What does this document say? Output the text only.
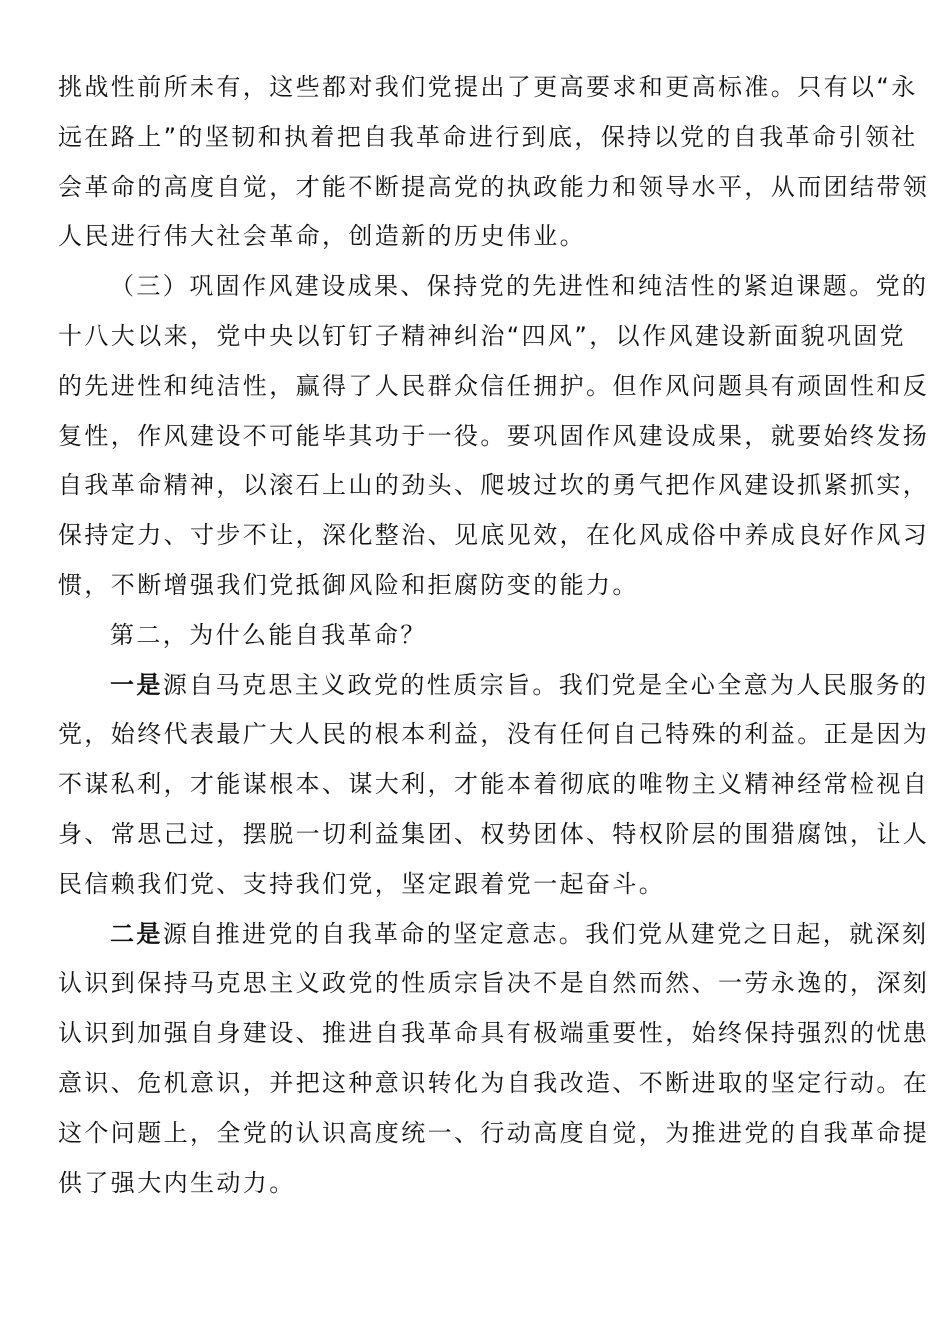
挑战性前所未有，这些都对我们党提出了更高要求和更高标准。只有以“永
远在路上”的坚韧和执着把自我革命进行到底，保持以党的自我革命引领社
会革命的高度自觉，才能不断提高党的执政能力和领导水平，从而团结带领
人民进行伟大社会革命，创造新的历史伟业。
（三）巩固作风建设成果、保持党的先进性和纯洁性的紧迫课题。党的
十八大以来，党中央以钉钉子精神纠治“四风”，以作风建设新面貌巩固党
的先进性和纯洁性，赢得了人民群众信任拥护。但作风问题具有顽固性和反
复性，作风建设不可能毕其功于一役。要巩固作风建设成果，就要始终发扬
自我革命精神，以滚石上山的劲头、爬坡过坎的勇气把作风建设抓紧抓实，
保持定力、寸步不让，深化整治、见底见效，在化风成俗中养成良好作风习
惯，不断增强我们党抵御风险和拒腐防变的能力。
第二，为什么能自我革命？
一是源自马克思主义政党的性质宗旨。我们党是全心全意为人民服务的
党，始终代表最广大人民的根本利益，没有任何自己特殊的利益。正是因为
不谋私利，才能谋根本、谋大利，才能本着彻底的唯物主义精神经常检视自
身、常思己过，摆脱一切利益集团、权势团体、特权阶层的围猎腐蚀，让人
民信赖我们党、支持我们党，坚定跟着党一起奋斗。
二是源自推进党的自我革命的坚定意志。我们党从建党之日起，就深刻
认识到保持马克思主义政党的性质宗旨决不是自然而然、一劳永逸的，深刻
认识到加强自身建设、推进自我革命具有极端重要性，始终保持强烈的忧患
意识、危机意识，并把这种意识转化为自我改造、不断进取的坚定行动。在
这个问题上，全党的认识高度统一、行动高度自觉，为推进党的自我革命提
供了强大内生动力。
